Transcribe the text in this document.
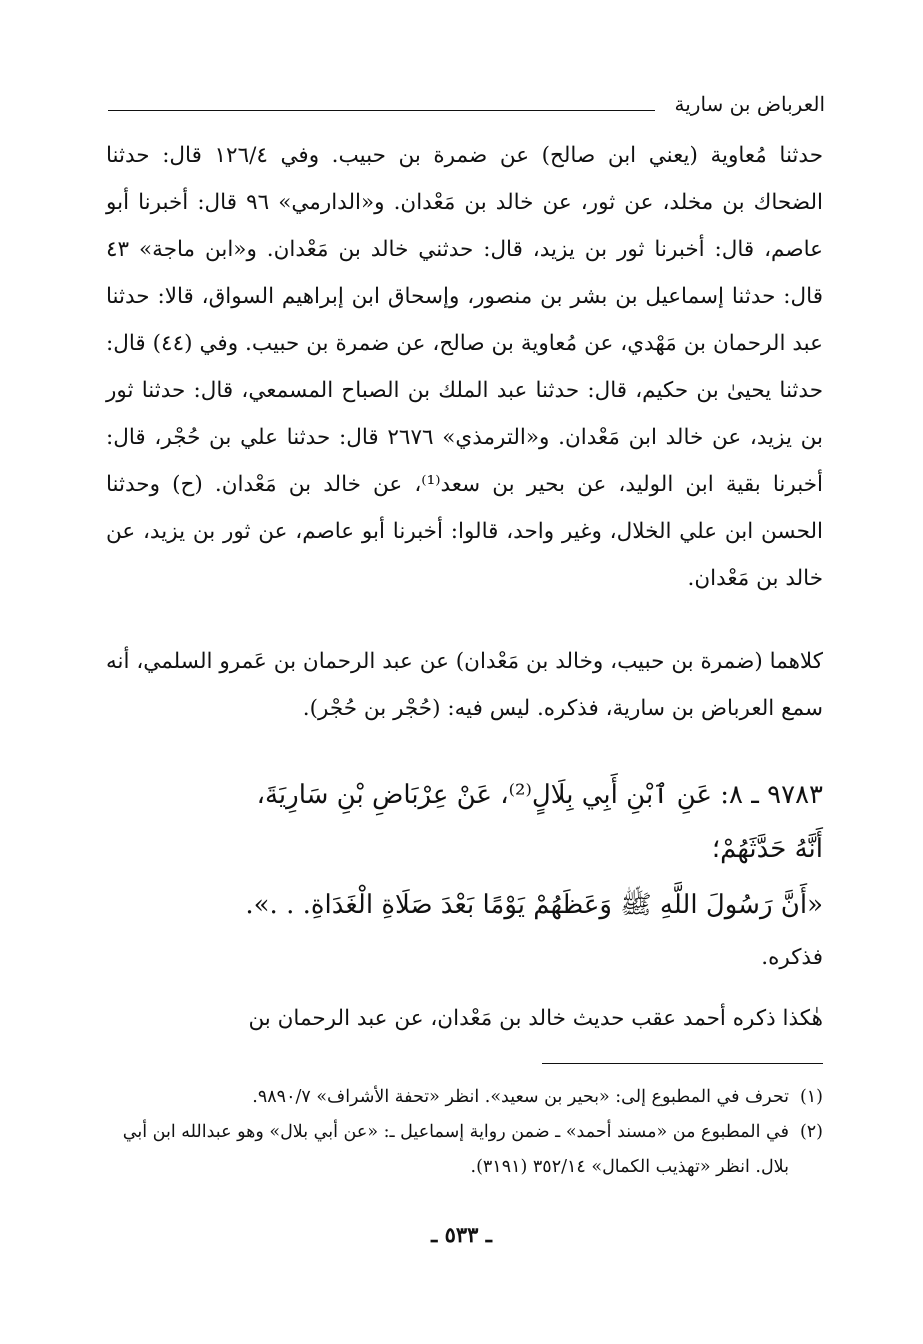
العرباض بن سارية

حدثنا مُعاوية (يعني ابن صالح) عن ضمرة بن حبيب. وفي ١٢٦/٤ قال: حدثنا الضحاك بن مخلد، عن ثور، عن خالد بن مَعْدان. و«الدارمي» ٩٦ قال: أخبرنا أبو عاصم، قال: أخبرنا ثور بن يزيد، قال: حدثني خالد بن مَعْدان. و«ابن ماجة» ٤٣ قال: حدثنا إسماعيل بن بشر بن منصور، وإسحاق ابن إبراهيم السواق، قالا: حدثنا عبد الرحمان بن مَهْدي، عن مُعاوية بن صالح، عن ضمرة بن حبيب. وفي (٤٤) قال: حدثنا يحيىٰ بن حكيم، قال: حدثنا عبد الملك بن الصباح المسمعي، قال: حدثنا ثور بن يزيد، عن خالد ابن مَعْدان. و«الترمذي» ٢٦٧٦ قال: حدثنا علي بن حُجْر، قال: أخبرنا بقية ابن الوليد، عن بحير بن سعد⁽¹⁾، عن خالد بن مَعْدان. (ح) وحدثنا الحسن ابن علي الخلال، وغير واحد، قالوا: أخبرنا أبو عاصم، عن ثور بن يزيد، عن خالد بن مَعْدان.

كلاهما (ضمرة بن حبيب، وخالد بن مَعْدان) عن عبد الرحمان بن عَمرو السلمي، أنه سمع العرباض بن سارية، فذكره. ليس فيه: (حُجْر بن حُجْر).

٩٧٨٣ ـ ٨: عَنِ ٱبْنِ أَبِي بِلَالٍ⁽²⁾، عَنْ عِرْبَاضِ بْنِ سَارِيَةَ،
أَنَّهُ حَدَّثَهُمْ؛
«أَنَّ رَسُولَ اللَّهِ ﷺ وَعَظَهُمْ يَوْمًا بَعْدَ صَلَاةِ الْغَدَاةِ. . .».
فذكره.

هٰكذا ذكره أحمد عقب حديث خالد بن مَعْدان، عن عبد الرحمان بن

(١)
تحرف في المطبوع إلى: «بحير بن سعيد». انظر «تحفة الأشراف» ٩٨٩٠/٧.
(٢)
في المطبوع من «مسند أحمد» ـ ضمن رواية إسماعيل ـ: «عن أبي بلال» وهو عبدالله ابن أبي بلال. انظر «تهذيب الكمال» ٣٥٢/١٤ (٣١٩١).
ـ ٥٣٣ ـ
